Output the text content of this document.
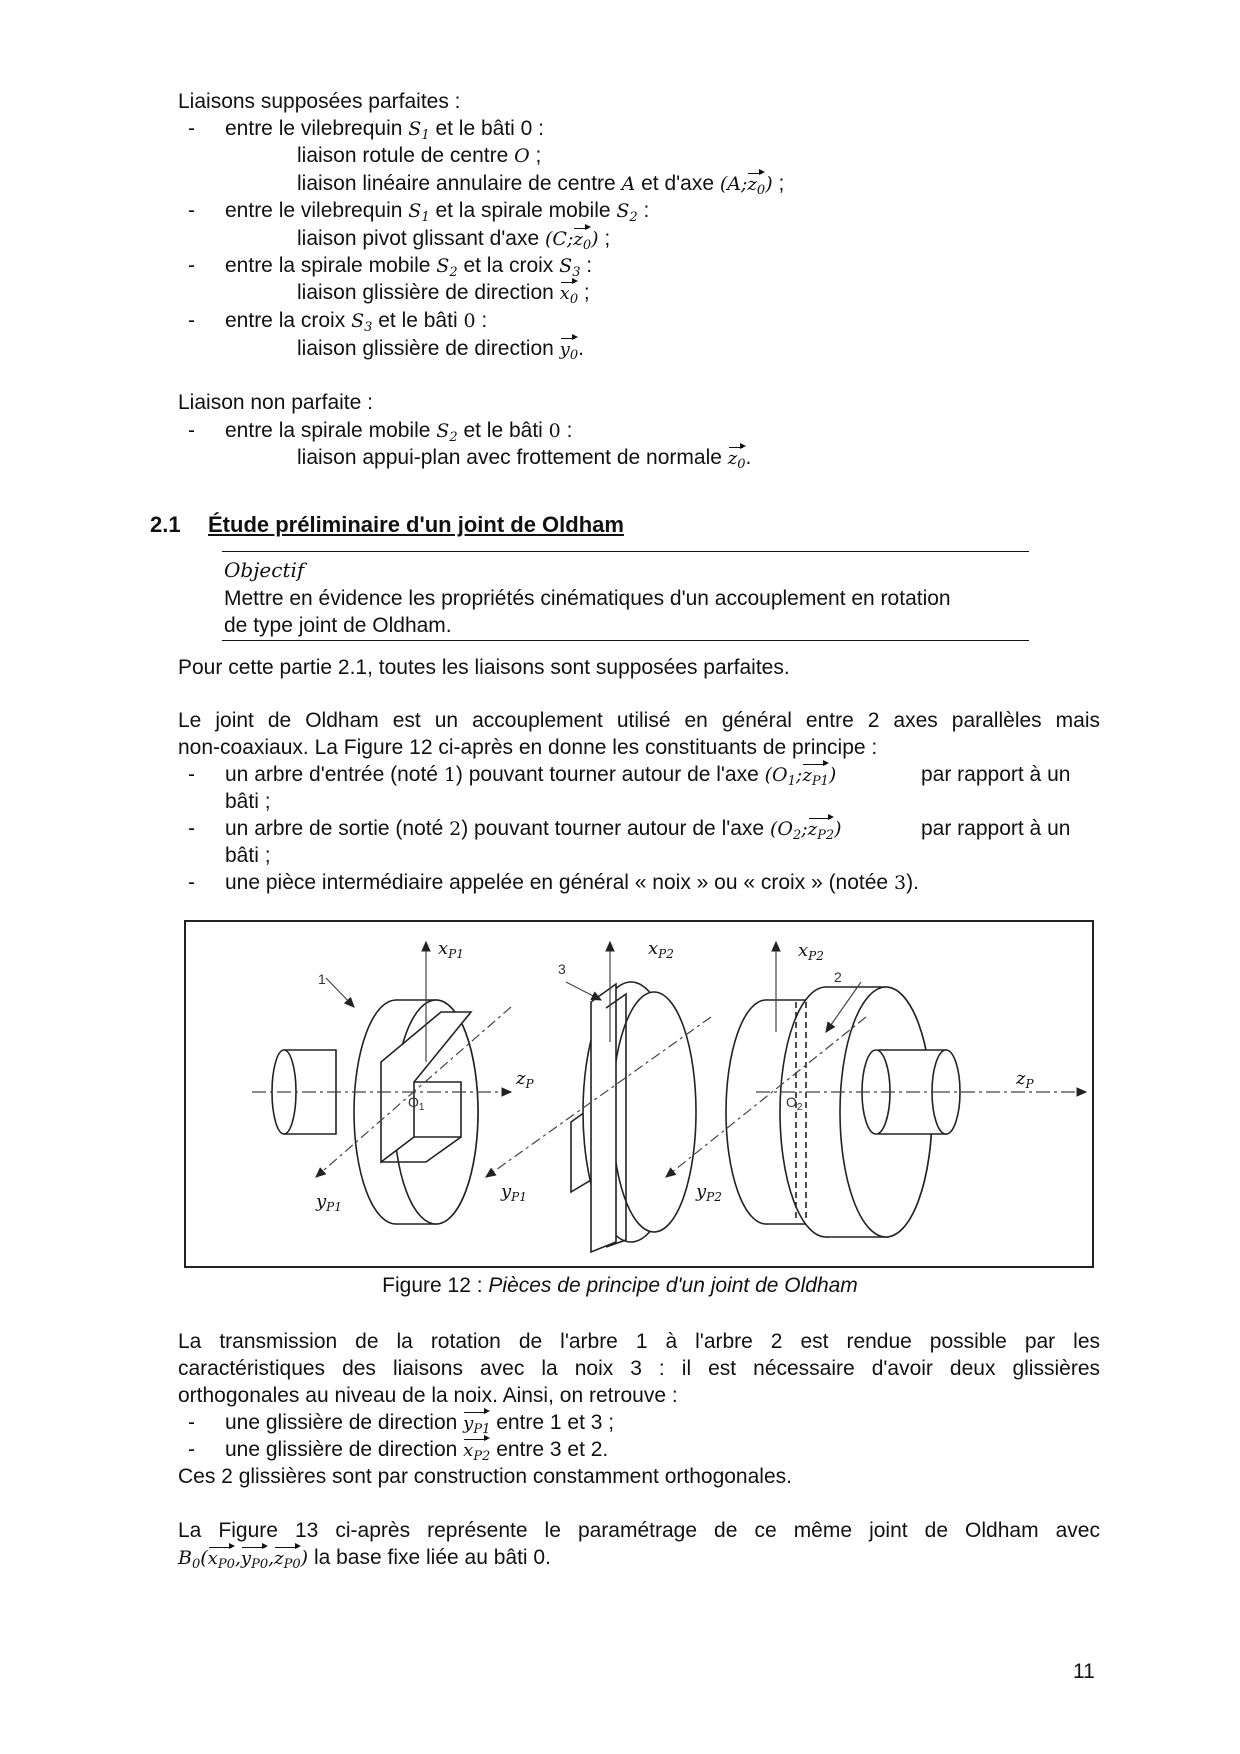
Liaisons supposées parfaites :
- entre le vilebrequin $S_1$ et le bâti 0 :
liaison rotule de centre O ;
liaison linéaire annulaire de centre A et d'axe $(A;z_0)$ ;
- entre le vilebrequin $S_1$ et la spirale mobile $S_2$ :
liaison pivot glissant d'axe $(C;z_0)$ ;
- entre la spirale mobile $S_2$ et la croix $S_3$ :
liaison glissière de direction $x_0$ ;
- entre la croix $S_3$ et le bâti 0 :
liaison glissière de direction $y_0$.
Liaison non parfaite :
- entre la spirale mobile $S_2$ et le bâti 0 :
liaison appui-plan avec frottement de normale $z_0$.
2.1 Étude préliminaire d'un joint de Oldham
Objectif
Mettre en évidence les propriétés cinématiques d'un accouplement en rotation
de type joint de Oldham.
Pour cette partie 2.1, toutes les liaisons sont supposées parfaites.
Le joint de Oldham est un accouplement utilisé en général entre 2 axes parallèles mais
non-coaxiaux. La Figure 12 ci-après en donne les constituants de principe :
- un arbre d'entrée (noté 1) pouvant tourner autour de l'axe $(O_1;z_{P1})$	par rapport à un
bâti ;
- un arbre de sortie (noté 2) pouvant tourner autour de l'axe $(O_2;z_{P2})$	par rapport à un
bâti ;
- une pièce intermédiaire appelée en général « noix » ou « croix » (notée 3).
$x_{P1}$	$x_{P2}$	$x_{P2}$
$z_P$	$z_P$
$y_{P1}$
$y_{P1}$	$y_{P2}$
1
3	2
$O_1$	$O_2$
Figure 12 : Pièces de principe d'un joint de Oldham
La transmission de la rotation de l'arbre 1 à l'arbre 2 est rendue possible par les
caractéristiques des liaisons avec la noix 3 : il est nécessaire d'avoir deux glissières
orthogonales au niveau de la noix. Ainsi, on retrouve :
- une glissière de direction $y_{P1}$ entre 1 et 3 ;
- une glissière de direction $x_{P2}$ entre 3 et 2.
Ces 2 glissières sont par construction constamment orthogonales.
La Figure 13 ci-après représente le paramétrage de ce même joint de Oldham avec
$B_0(x_{P0},y_{P0},z_{P0})$ la base fixe liée au bâti 0.
11
